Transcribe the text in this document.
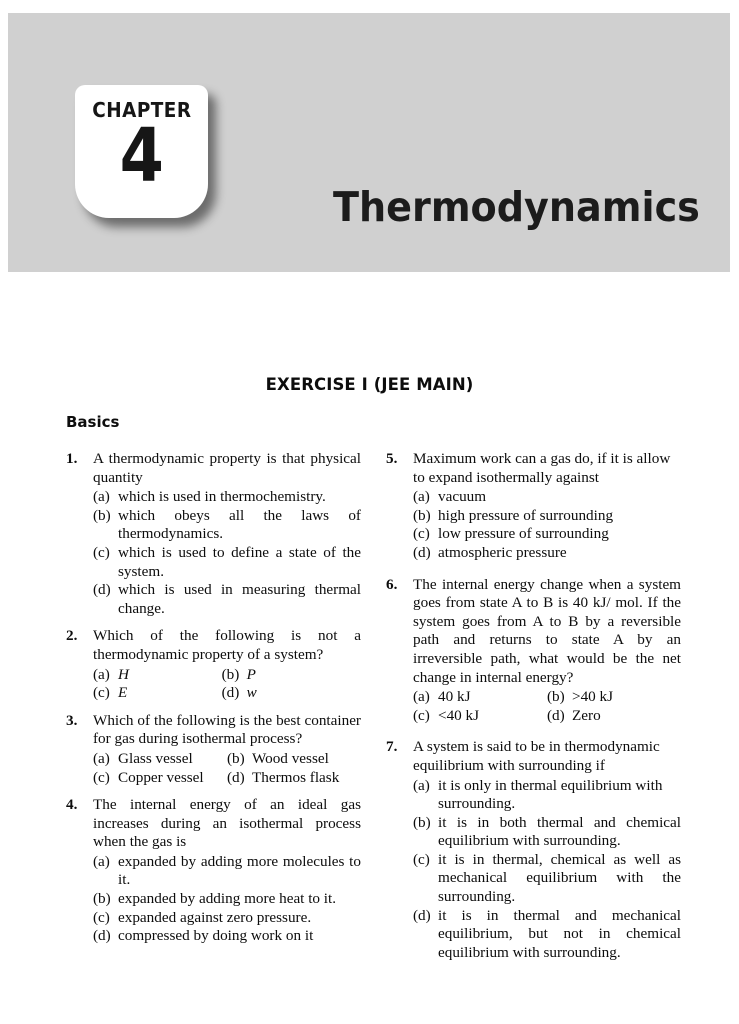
CHAPTER
4
Thermodynamics
EXERCISE I (JEE MAIN)
Basics
1. A thermodynamic property is that physical quantity
(a) which is used in thermochemistry.
(b) which obeys all the laws of thermodynamics.
(c) which is used to define a state of the system.
(d) which is used in measuring thermal change.
2. Which of the following is not a thermodynamic property of a system?
(a) H	(b) P
(c) E	(d) w
3. Which of the following is the best container for gas during isothermal process?
(a) Glass vessel (b) Wood vessel
(c) Copper vessel (d) Thermos flask
4. The internal energy of an ideal gas increases during an isothermal process when the gas is
(a) expanded by adding more molecules to it.
(b) expanded by adding more heat to it.
(c) expanded against zero pressure.
(d) compressed by doing work on it
5. Maximum work can a gas do, if it is allow to expand isothermally against
(a) vacuum
(b) high pressure of surrounding
(c) low pressure of surrounding
(d) atmospheric pressure
6. The internal energy change when a system goes from state A to B is 40 kJ/ mol. If the system goes from A to B by a reversible path and returns to state A by an irreversible path, what would be the net change in internal energy?
(a) 40 kJ	(b) >40 kJ
(c) <40 kJ	(d) Zero
7. A system is said to be in thermodynamic equilibrium with surrounding if
(a) it is only in thermal equilibrium with surrounding.
(b) it is in both thermal and chemical equilibrium with surrounding.
(c) it is in thermal, chemical as well as mechanical equilibrium with the surrounding.
(d) it is in thermal and mechanical equilibrium, but not in chemical equilibrium with surrounding.
